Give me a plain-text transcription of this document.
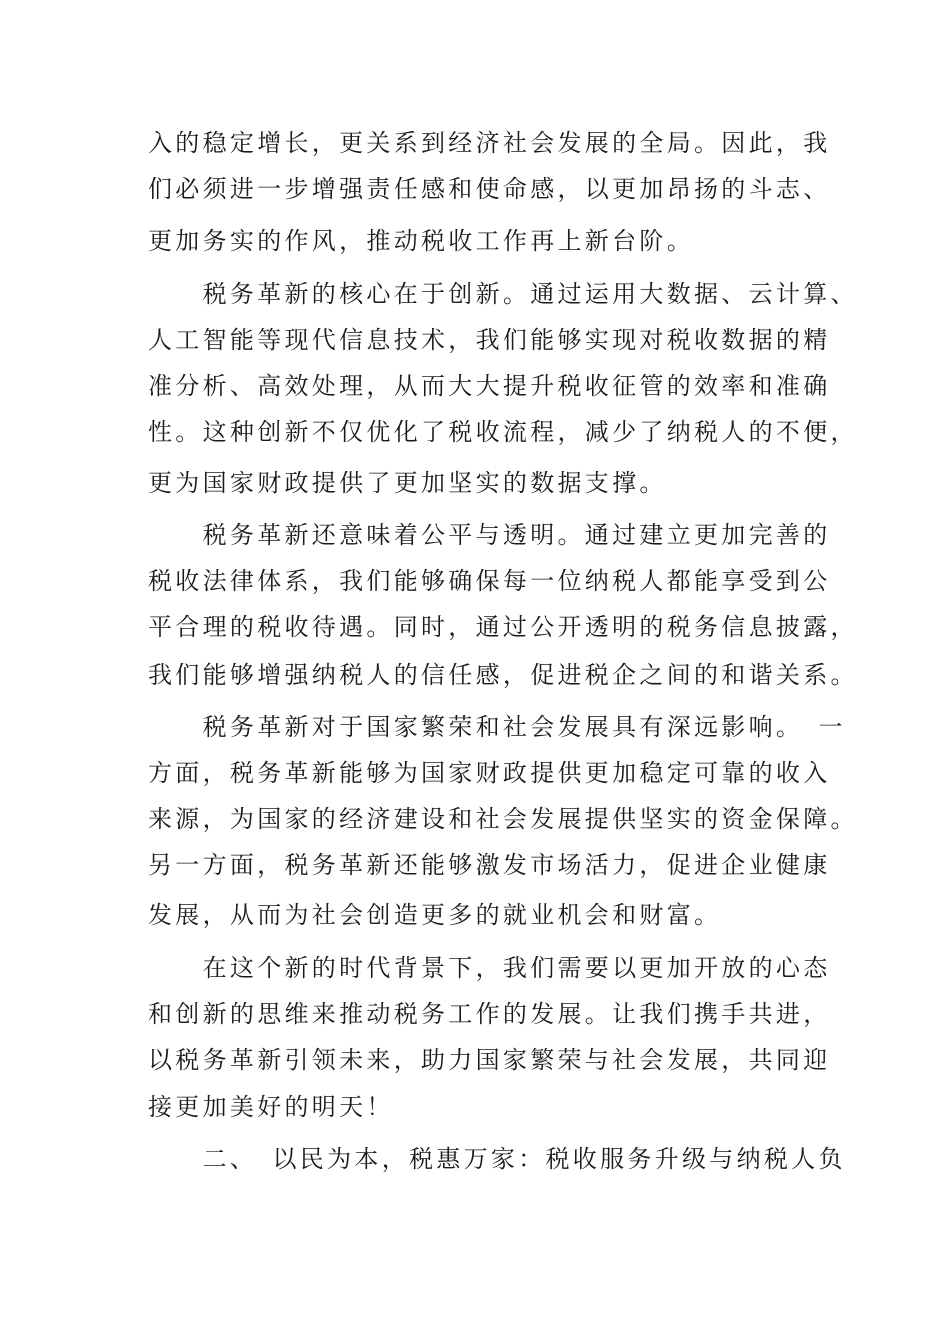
入的稳定增长，更关系到经济社会发展的全局。因此，我
们必须进一步增强责任感和使命感，以更加昂扬的斗志、
更加务实的作风，推动税收工作再上新台阶。
　　税务革新的核心在于创新。通过运用大数据、云计算、
人工智能等现代信息技术，我们能够实现对税收数据的精
准分析、高效处理，从而大大提升税收征管的效率和准确
性。这种创新不仅优化了税收流程，减少了纳税人的不便，
更为国家财政提供了更加坚实的数据支撑。
　　税务革新还意味着公平与透明。通过建立更加完善的
税收法律体系，我们能够确保每一位纳税人都能享受到公
平合理的税收待遇。同时，通过公开透明的税务信息披露，
我们能够增强纳税人的信任感，促进税企之间的和谐关系。
　　税务革新对于国家繁荣和社会发展具有深远影响。　一
方面，税务革新能够为国家财政提供更加稳定可靠的收入
来源，为国家的经济建设和社会发展提供坚实的资金保障。
另一方面，税务革新还能够激发市场活力，促进企业健康
发展，从而为社会创造更多的就业机会和财富。
　　在这个新的时代背景下，我们需要以更加开放的心态
和创新的思维来推动税务工作的发展。让我们携手共进，
以税务革新引领未来，助力国家繁荣与社会发展，共同迎
接更加美好的明天！
　　二、　以民为本，税惠万家：税收服务升级与纳税人负
